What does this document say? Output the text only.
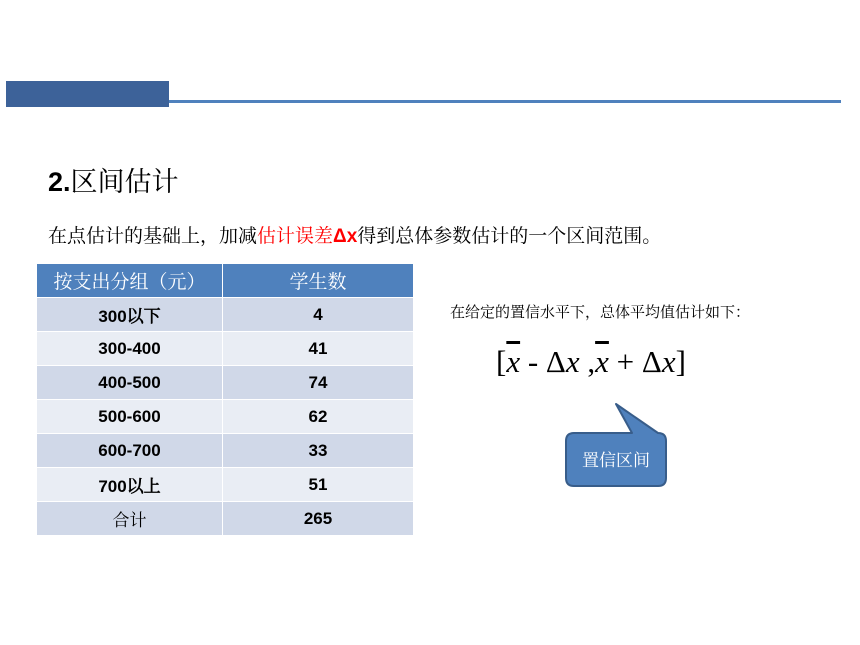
2.区间估计
在点估计的基础上，加减估计误差Δx得到总体参数估计的一个区间范围。
按支出分组（元）	学生数
300以下	4
300-400	41
400-500	74
500-600	62
600-700	33
700以上	51
合计	265
在给定的置信水平下，总体平均值估计如下：
[$\overline{x}$ - Δx $,\overline{x} + \Delta x$]
置信区间
